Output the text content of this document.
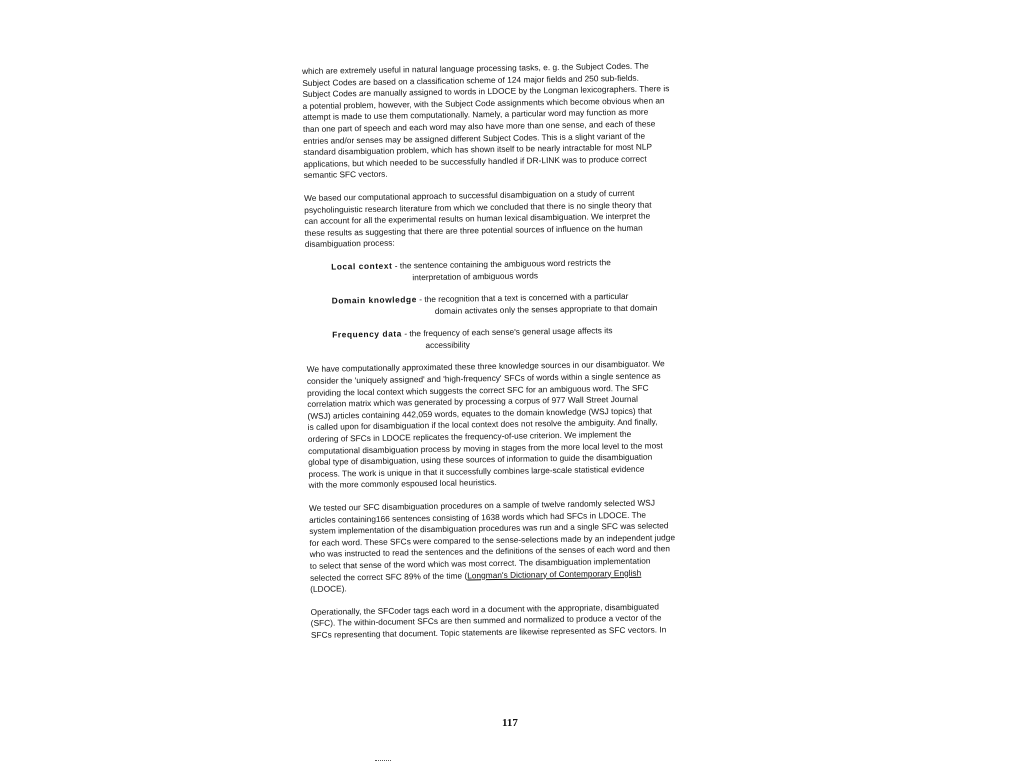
which are extremely useful in natural language processing tasks, e. g. the Subject Codes. The
Subject Codes are based on a classification scheme of 124 major fields and 250 sub-fields.
Subject Codes are manually assigned to words in LDOCE by the Longman lexicographers. There is
a potential problem, however, with the Subject Code assignments which become obvious when an
attempt is made to use them computationally. Namely, a particular word may function as more
than one part of speech and each word may also have more than one sense, and each of these
entries and/or senses may be assigned different Subject Codes. This is a slight variant of the
standard disambiguation problem, which has shown itself to be nearly intractable for most NLP
applications, but which needed to be successfully handled if DR-LINK was to produce correct
semantic SFC vectors.
We based our computational approach to successful disambiguation on a study of current
psycholinguistic research literature from which we concluded that there is no single theory that
can account for all the experimental results on human lexical disambiguation. We interpret the
these results as suggesting that there are three potential sources of influence on the human
disambiguation process:
Local context - the sentence containing the ambiguous word restricts the
interpretation of ambiguous words
Domain knowledge - the recognition that a text is concerned with a particular
domain activates only the senses appropriate to that domain
Frequency data - the frequency of each sense's general usage affects its
accessibility
We have computationally approximated these three knowledge sources in our disambiguator. We
consider the 'uniquely assigned' and 'high-frequency' SFCs of words within a single sentence as
providing the local context which suggests the correct SFC for an ambiguous word. The SFC
correlation matrix which was generated by processing a corpus of 977 Wall Street Journal
(WSJ) articles containing 442,059 words, equates to the domain knowledge (WSJ topics) that
is called upon for disambiguation if the local context does not resolve the ambiguity. And finally,
ordering of SFCs in LDOCE replicates the frequency-of-use criterion. We implement the
computational disambiguation process by moving in stages from the more local level to the most
global type of disambiguation, using these sources of information to guide the disambiguation
process. The work is unique in that it successfully combines large-scale statistical evidence
with the more commonly espoused local heuristics.
We tested our SFC disambiguation procedures on a sample of twelve randomly selected WSJ
articles containing166 sentences consisting of 1638 words which had SFCs in LDOCE. The
system implementation of the disambiguation procedures was run and a single SFC was selected
for each word. These SFCs were compared to the sense-selections made by an independent judge
who was instructed to read the sentences and the definitions of the senses of each word and then
to select that sense of the word which was most correct. The disambiguation implementation
selected the correct SFC 89% of the time (Longman's Dictionary of Contemporary English
(LDOCE).
Operationally, the SFCoder tags each word in a document with the appropriate, disambiguated
(SFC). The within-document SFCs are then summed and normalized to produce a vector of the
SFCs representing that document. Topic statements are likewise represented as SFC vectors. In
117
